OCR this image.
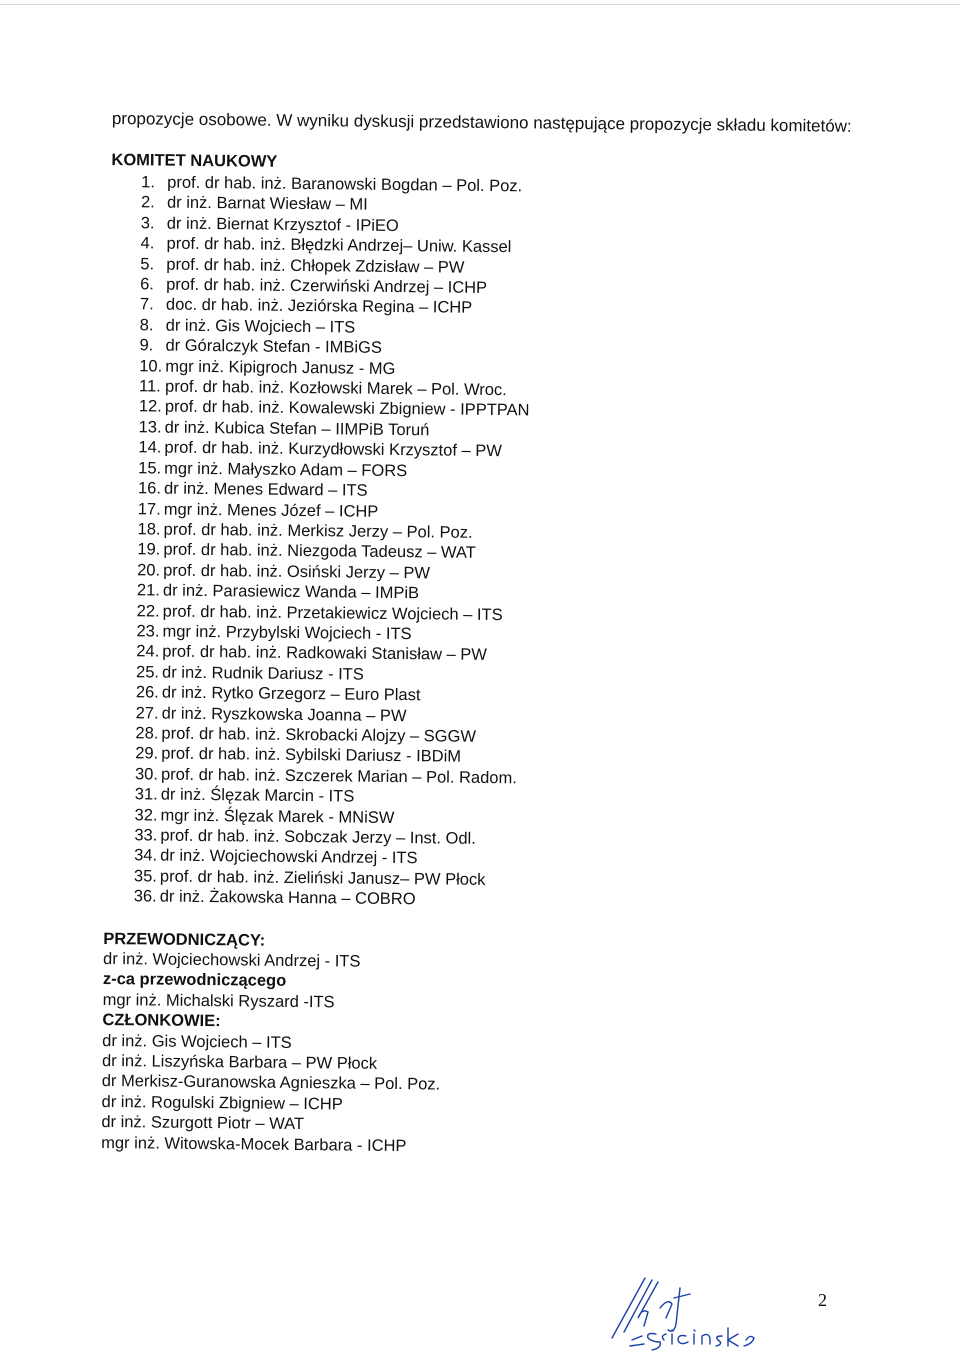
propozycje osobowe. W wyniku dyskusji przedstawiono następujące propozycje składu komitetów:

KOMITET NAUKOWY

1. prof. dr hab. inż. Baranowski Bogdan – Pol. Poz.
2. dr inż. Barnat Wiesław – MI
3. dr inż. Biernat Krzysztof - IPiEO
4. prof. dr hab. inż. Błędzki Andrzej– Uniw. Kassel
5. prof. dr hab. inż. Chłopek Zdzisław – PW
6. prof. dr hab. inż. Czerwiński Andrzej – ICHP
7. doc. dr hab. inż. Jeziórska Regina – ICHP
8. dr inż. Gis Wojciech – ITS
9. dr Góralczyk Stefan - IMBiGS
10. mgr inż. Kipigroch Janusz - MG
11. prof. dr hab. inż. Kozłowski Marek – Pol. Wroc.
12. prof. dr hab. inż. Kowalewski Zbigniew - IPPTPAN
13. dr inż. Kubica Stefan – IIMPiB Toruń
14. prof. dr hab. inż. Kurzydłowski Krzysztof – PW
15. mgr inż. Małyszko Adam – FORS
16. dr inż. Menes Edward – ITS
17. mgr inż. Menes Józef – ICHP
18. prof. dr hab. inż. Merkisz Jerzy – Pol. Poz.
19. prof. dr hab. inż. Niezgoda Tadeusz – WAT
20. prof. dr hab. inż. Osiński Jerzy – PW
21. dr inż. Parasiewicz Wanda – IMPiB
22. prof. dr hab. inż. Przetakiewicz Wojciech – ITS
23. mgr inż. Przybylski Wojciech - ITS
24. prof. dr hab. inż. Radkowaki Stanisław – PW
25. dr inż. Rudnik Dariusz - ITS
26. dr inż. Rytko Grzegorz – Euro Plast
27. dr inż. Ryszkowska Joanna – PW
28. prof. dr hab. inż. Skrobacki Alojzy – SGGW
29. prof. dr hab. inż. Sybilski Dariusz - IBDiM
30. prof. dr hab. inż. Szczerek Marian – Pol. Radom.
31. dr inż. Ślęzak Marcin - ITS
32. mgr inż. Ślęzak Marek - MNiSW
33. prof. dr hab. inż. Sobczak Jerzy – Inst. Odl.
34. dr inż. Wojciechowski Andrzej - ITS
35. prof. dr hab. inż. Zieliński Janusz– PW Płock
36. dr inż. Żakowska Hanna – COBRO

PRZEWODNICZĄCY:

dr inż. Wojciechowski Andrzej - ITS

z-ca przewodniczącego

mgr inż. Michalski Ryszard -ITS

CZŁONKOWIE:

dr inż. Gis Wojciech – ITS

dr inż. Liszyńska Barbara – PW Płock

dr Merkisz-Guranowska Agnieszka – Pol. Poz.

dr inż. Rogulski Zbigniew – ICHP

dr inż. Szurgott Piotr – WAT

mgr inż. Witowska-Mocek Barbara - ICHP

2
